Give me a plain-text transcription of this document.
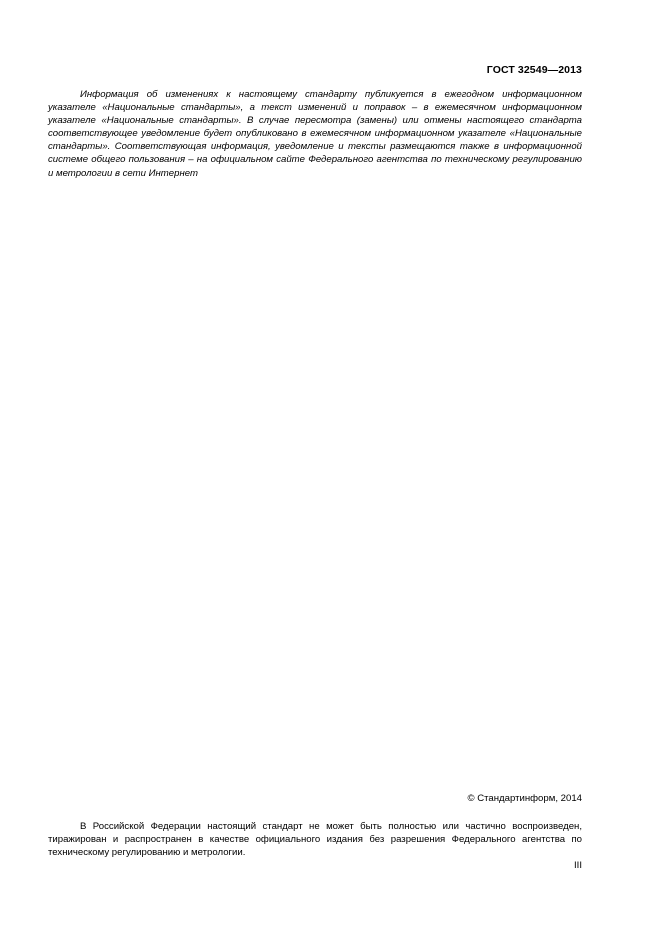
ГОСТ 32549—2013

Информация об изменениях к настоящему стандарту публикуется в ежегодном информационном указателе «Национальные стандарты», а текст изменений и поправок – в ежемесячном информационном указателе «Национальные стандарты». В случае пересмотра (замены) или отмены настоящего стандарта соответствующее уведомление будет опубликовано в ежемесячном информационном указателе «Национальные стандарты». Соответствующая информация, уведомление и тексты размещаются также в информационной системе общего пользования – на официальном сайте Федерального агентства по техническому регулированию и метрологии в сети Интернет

© Стандартинформ, 2014

В Российской Федерации настоящий стандарт не может быть полностью или частично воспроизведен, тиражирован и распространен в качестве официального издания без разрешения Федерального агентства по техническому регулированию и метрологии.

III
